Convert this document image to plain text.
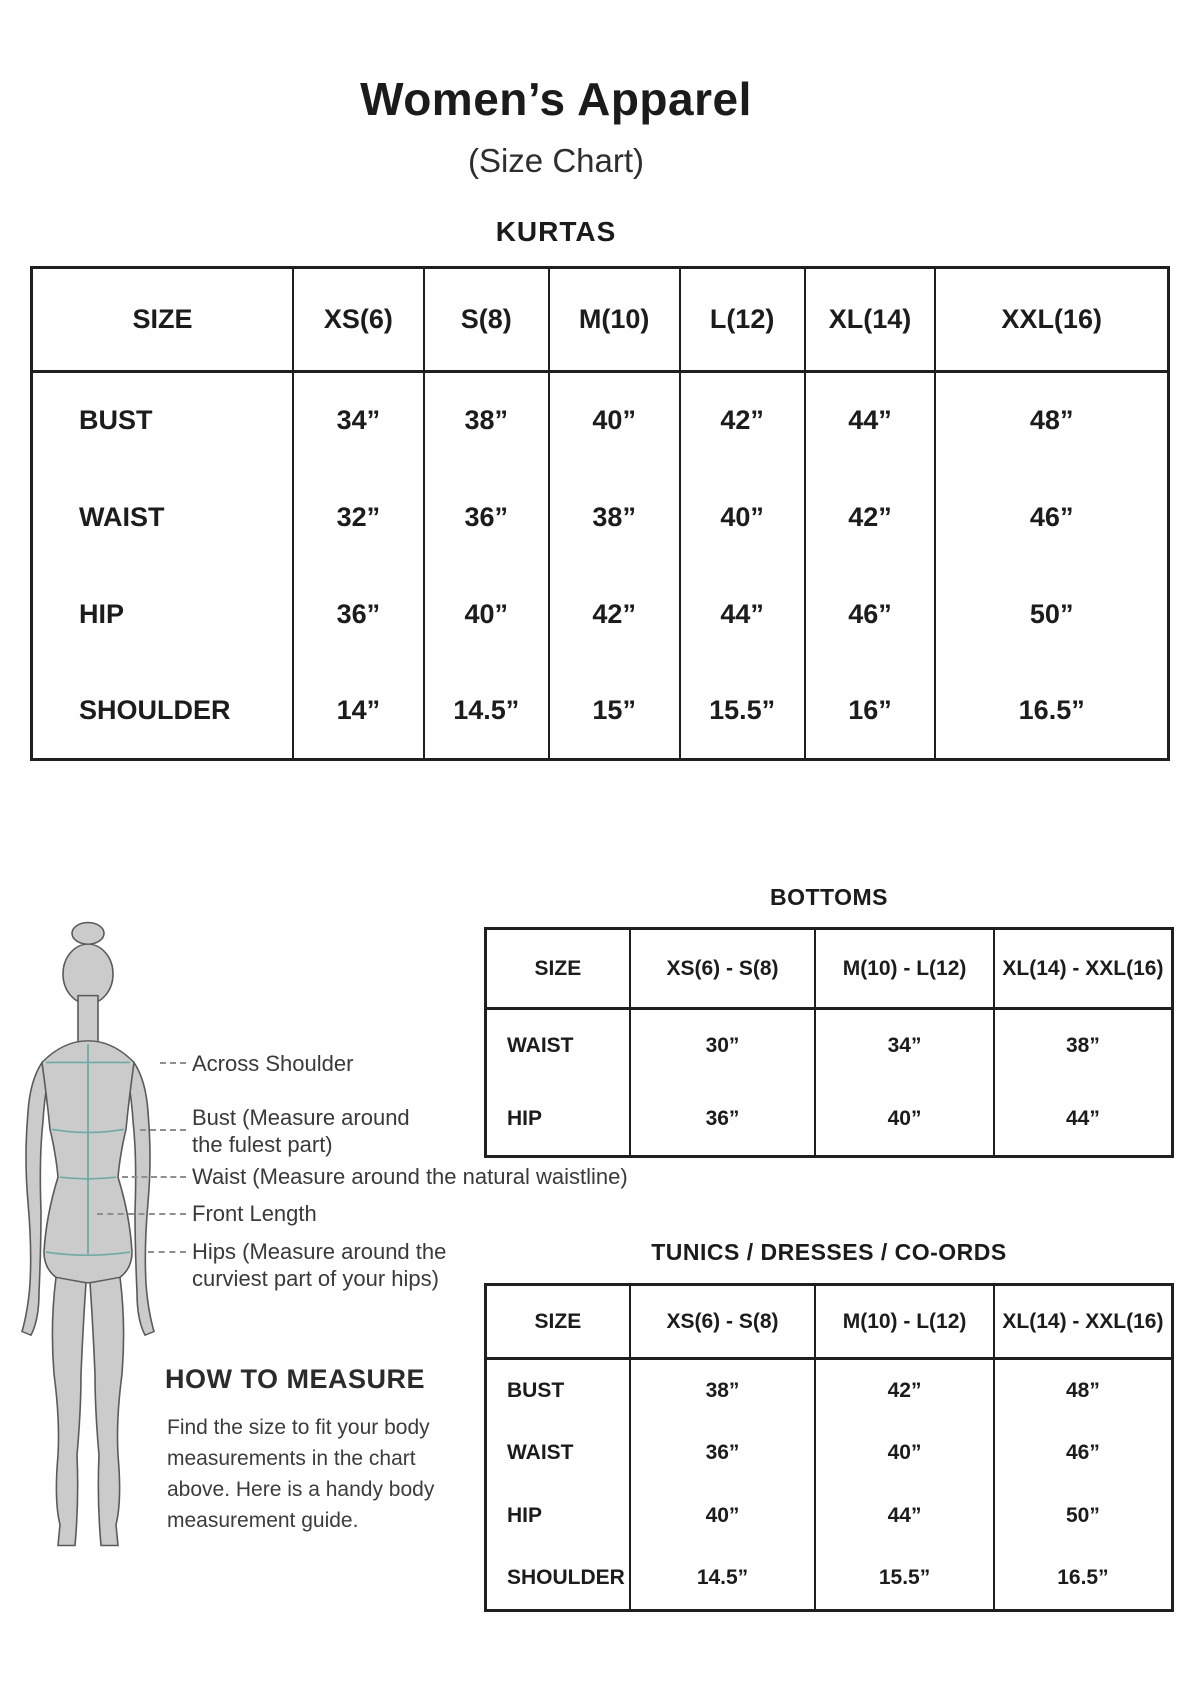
Women’s Apparel
(Size Chart)
KURTAS
SIZE	XS(6)	S(8)	M(10)	L(12)	XL(14)	XXL(16)
BUST	34”	38”	40”	42”	44”	48”
WAIST	32”	36”	38”	40”	42”	46”
HIP	36”	40”	42”	44”	46”	50”
SHOULDER	14”	14.5”	15”	15.5”	16”	16.5”
Across Shoulder
Bust (Measure around the fulest part)
Waist (Measure around the natural waistline)
Front Length
Hips (Measure around the curviest part of your hips)
BOTTOMS
SIZE	XS(6) - S(8)	M(10) - L(12)	XL(14) - XXL(16)
WAIST	30”	34”	38”
HIP	36”	40”	44”
TUNICS / DRESSES / CO-ORDS
SIZE	XS(6) - S(8)	M(10) - L(12)	XL(14) - XXL(16)
BUST	38”	42”	48”
WAIST	36”	40”	46”
HIP	40”	44”	50”
SHOULDER	14.5”	15.5”	16.5”
HOW TO MEASURE
Find the size to fit your body measurements in the chart above. Here is a handy body measurement guide.
